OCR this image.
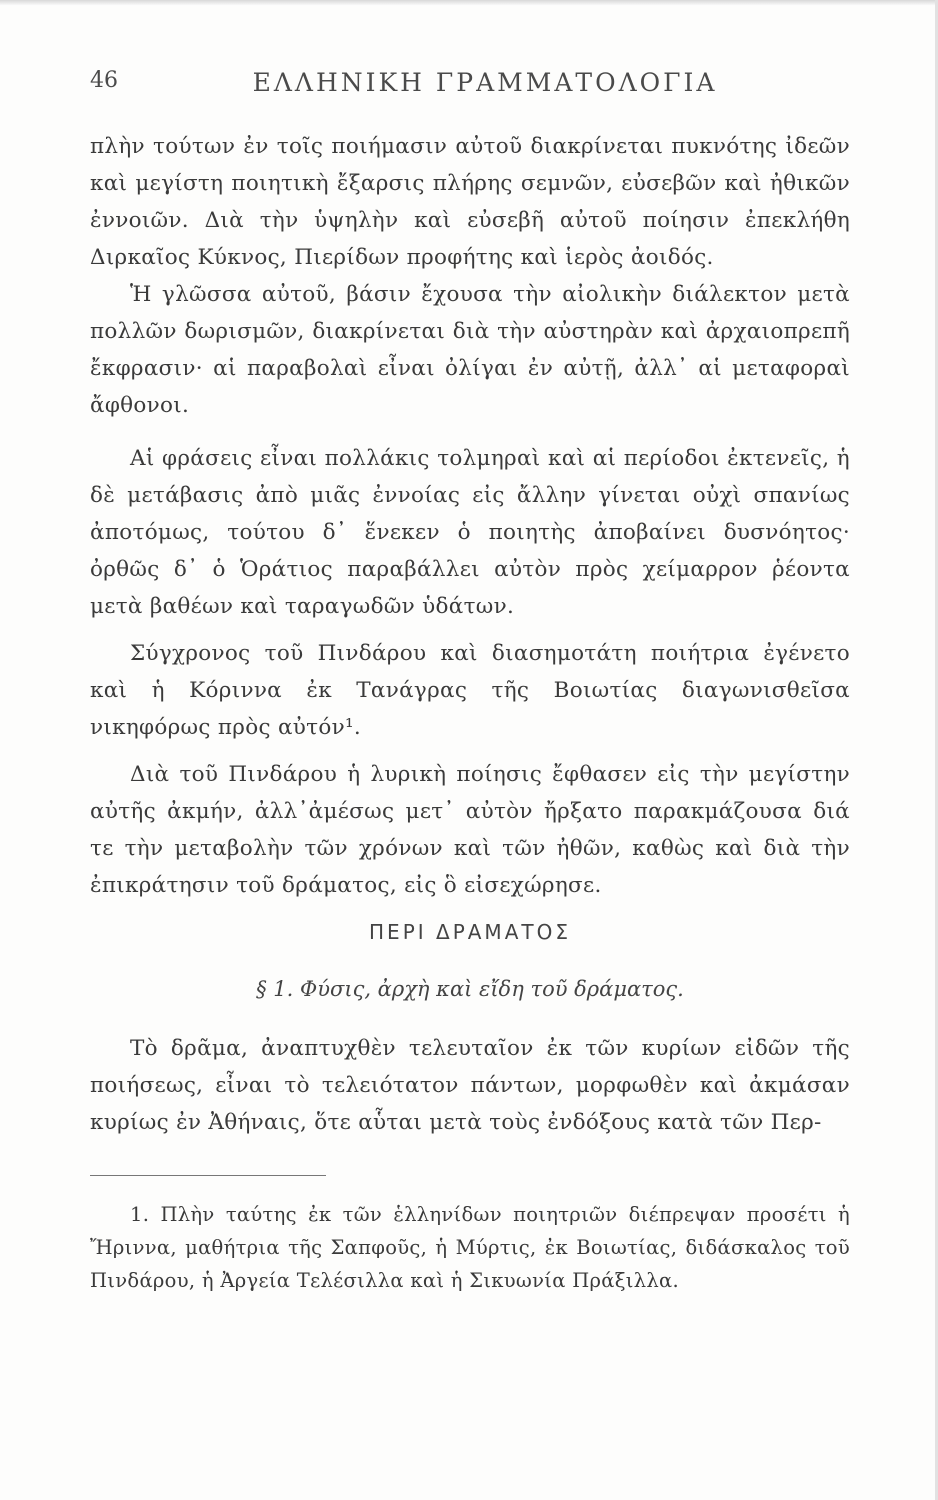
46	ΕΛΛΗΝΙΚΗ ΓΡΑΜΜΑΤΟΛΟΓΙΑ

πλὴν τούτων ἐν τοῖς ποιήμασιν αὐτοῦ διακρίνεται πυκνότης ἰδεῶν καὶ μεγίστη ποιητικὴ ἔξαρσις πλήρης σεμνῶν, εὐσεβῶν καὶ ἠθικῶν ἐννοιῶν. Διὰ τὴν ὑψηλὴν καὶ εὐσεβῆ αὐτοῦ ποίησιν ἐπεκλήθη Διρκαῖος Κύκνος, Πιερίδων προφήτης καὶ ἱερὸς ἀοιδός.

Ἡ γλῶσσα αὐτοῦ, βάσιν ἔχουσα τὴν αἰολικὴν διάλεκτον μετὰ πολλῶν δωρισμῶν, διακρίνεται διὰ τὴν αὐστηρὰν καὶ ἀρχαιοπρεπῆ ἔκφρασιν· αἱ παραβολαὶ εἶναι ὀλίγαι ἐν αὐτῇ, ἀλλ᾽ αἱ μεταφοραὶ ἄφθονοι.

Αἱ φράσεις εἶναι πολλάκις τολμηραὶ καὶ αἱ περίοδοι ἐκτενεῖς, ἡ δὲ μετάβασις ἀπὸ μιᾶς ἐννοίας εἰς ἄλλην γίνεται οὐχὶ σπανίως ἀποτόμως, τούτου δ᾽ ἕνεκεν ὁ ποιητὴς ἀποβαίνει δυσνόητος· ὀρθῶς δ᾽ ὁ Ὁράτιος παραβάλλει αὐτὸν πρὸς χείμαρρον ῥέοντα μετὰ βαθέων καὶ ταραγωδῶν ὑδάτων.

Σύγχρονος τοῦ Πινδάρου καὶ διασημοτάτη ποιήτρια ἐγένετο καὶ ἡ Κόριννα ἐκ Τανάγρας τῆς Βοιωτίας διαγωνισθεῖσα νικηφόρως πρὸς αὐτόν¹.

Διὰ τοῦ Πινδάρου ἡ λυρικὴ ποίησις ἔφθασεν εἰς τὴν μεγίστην αὐτῆς ἀκμήν, ἀλλ᾽ἀμέσως μετ᾽ αὐτὸν ἤρξατο παρακμάζουσα διά τε τὴν μεταβολὴν τῶν χρόνων καὶ τῶν ἠθῶν, καθὼς καὶ διὰ τὴν ἐπικράτησιν τοῦ δράματος, εἰς ὃ εἰσεχώρησε.

ΠΕΡΙ ΔΡΑΜΑΤΟΣ
§ 1. Φύσις, ἀρχὴ καὶ εἴδη τοῦ δράματος.

Τὸ δρᾶμα, ἀναπτυχθὲν τελευταῖον ἐκ τῶν κυρίων εἰδῶν τῆς ποιήσεως, εἶναι τὸ τελειότατον πάντων, μορφωθὲν καὶ ἀκμάσαν κυρίως ἐν Ἀθήναις, ὅτε αὗται μετὰ τοὺς ἐνδόξους κατὰ τῶν Περ-

1. Πλὴν ταύτης ἐκ τῶν ἑλληνίδων ποιητριῶν διέπρεψαν προσέτι ἡ Ἤριννα, μαθήτρια τῆς Σαπφοῦς, ἡ Μύρτις, ἐκ Βοιωτίας, διδάσκαλος τοῦ Πινδάρου, ἡ Ἀργεία Τελέσιλλα καὶ ἡ Σικυωνία Πράξιλλα.
